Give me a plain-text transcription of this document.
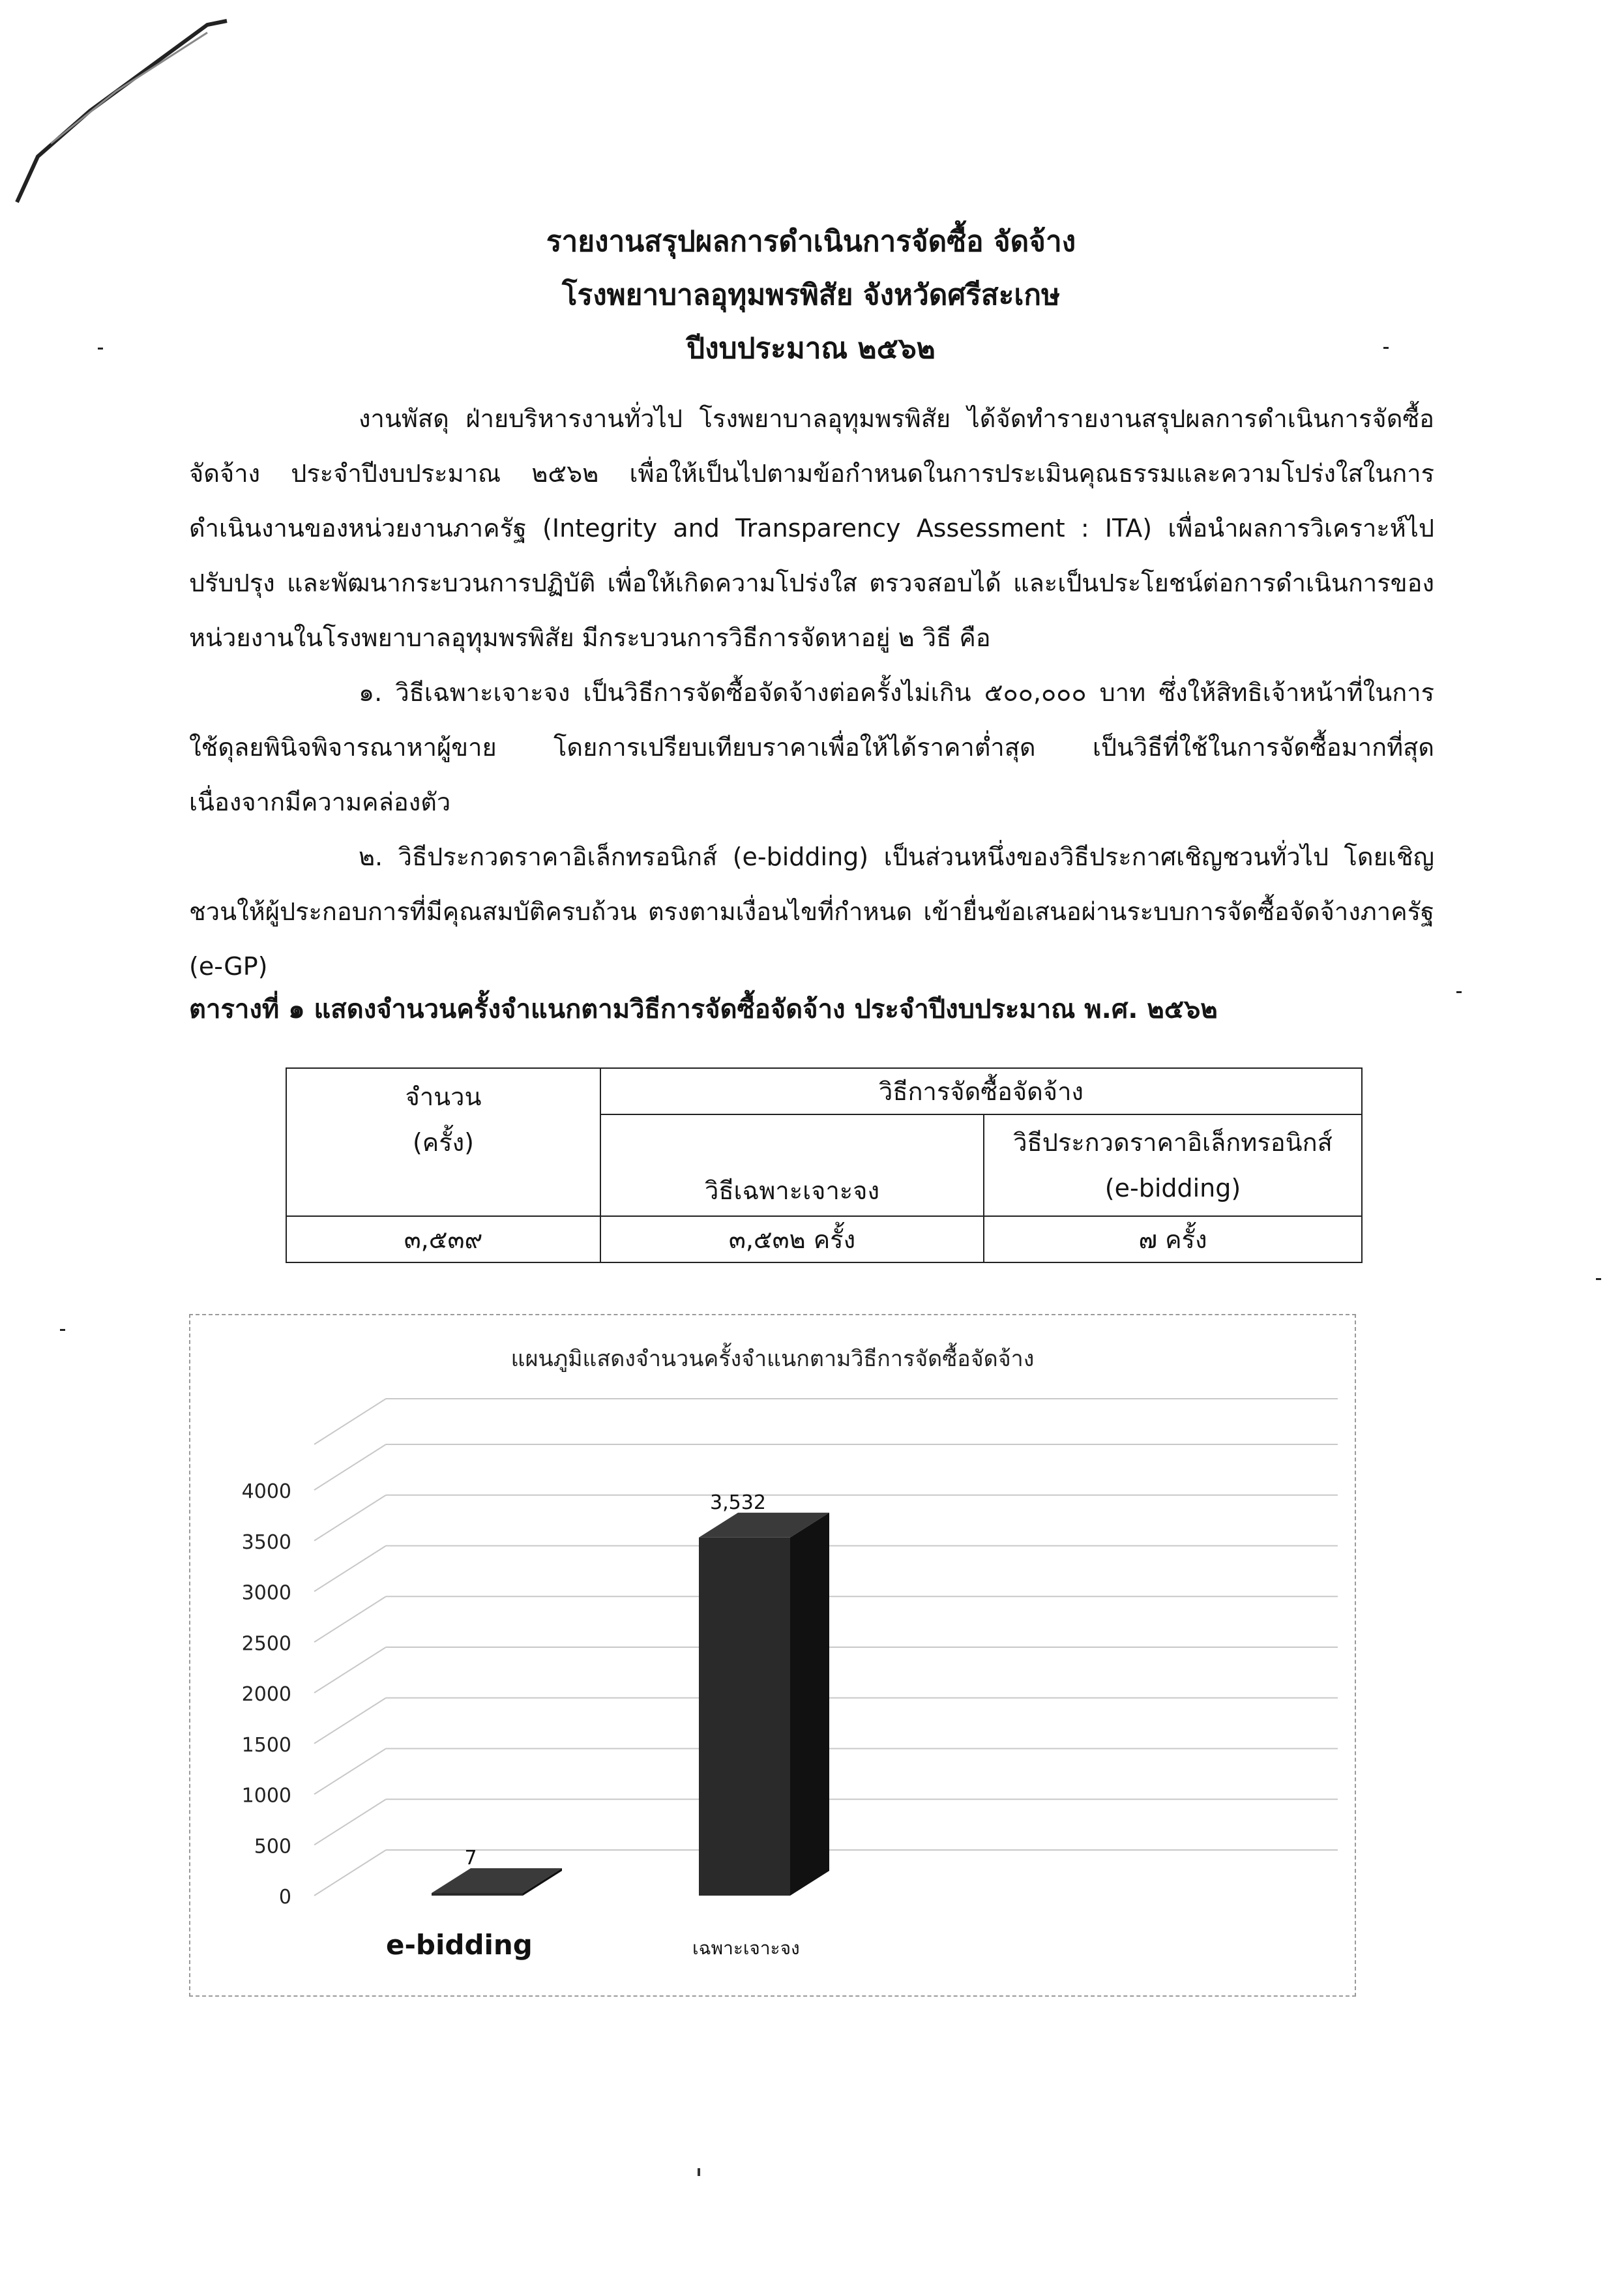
รายงานสรุปผลการดำเนินการจัดซื้อ จัดจ้าง

โรงพยาบาลอุทุมพรพิสัย จังหวัดศรีสะเกษ

ปีงบประมาณ ๒๕๖๒

งานพัสดุ ฝ่ายบริหารงานทั่วไป โรงพยาบาลอุทุมพรพิสัย ได้จัดทำรายงานสรุปผลการดำเนินการจัดซื้อ จัดจ้าง ประจำปีงบประมาณ ๒๕๖๒ เพื่อให้เป็นไปตามข้อกำหนดในการประเมินคุณธรรมและความโปร่งใสในการดำเนินงานของหน่วยงานภาครัฐ (Integrity and Transparency Assessment : ITA) เพื่อนำผลการวิเคราะห์ไปปรับปรุง และพัฒนากระบวนการปฏิบัติ เพื่อให้เกิดความโปร่งใส ตรวจสอบได้ และเป็นประโยชน์ต่อการดำเนินการของหน่วยงานในโรงพยาบาลอุทุมพรพิสัย มีกระบวนการวิธีการจัดหาอยู่ ๒ วิธี คือ

๑. วิธีเฉพาะเจาะจง เป็นวิธีการจัดซื้อจัดจ้างต่อครั้งไม่เกิน ๕๐๐,๐๐๐ บาท ซึ่งให้สิทธิเจ้าหน้าที่ในการใช้ดุลยพินิจพิจารณาหาผู้ขาย โดยการเปรียบเทียบราคาเพื่อให้ได้ราคาต่ำสุด เป็นวิธีที่ใช้ในการจัดซื้อมากที่สุด เนื่องจากมีความคล่องตัว

๒. วิธีประกวดราคาอิเล็กทรอนิกส์ (e-bidding) เป็นส่วนหนึ่งของวิธีประกาศเชิญชวนทั่วไป โดยเชิญชวนให้ผู้ประกอบการที่มีคุณสมบัติครบถ้วน ตรงตามเงื่อนไขที่กำหนด เข้ายื่นข้อเสนอผ่านระบบการจัดซื้อจัดจ้างภาครัฐ (e-GP)

ตารางที่ ๑ แสดงจำนวนครั้งจำแนกตามวิธีการจัดซื้อจัดจ้าง ประจำปีงบประมาณ พ.ศ. ๒๕๖๒
จำนวน
(ครั้ง)	วิธีการจัดซื้อจัดจ้าง	
	วิธีเฉพาะเจาะจง	วิธีประกวดราคาอิเล็กทรอนิกส์
(e-bidding)

๓,๕๓๙	๓,๕๓๒ ครั้ง	๗ ครั้ง
แผนภูมิแสดงจำนวนครั้งจำแนกตามวิธีการจัดซื้อจัดจ้าง
0
500
1000
1500
2000
2500
3000
3500
4000
7
3,532
e-bidding	เฉพาะเจาะจง
